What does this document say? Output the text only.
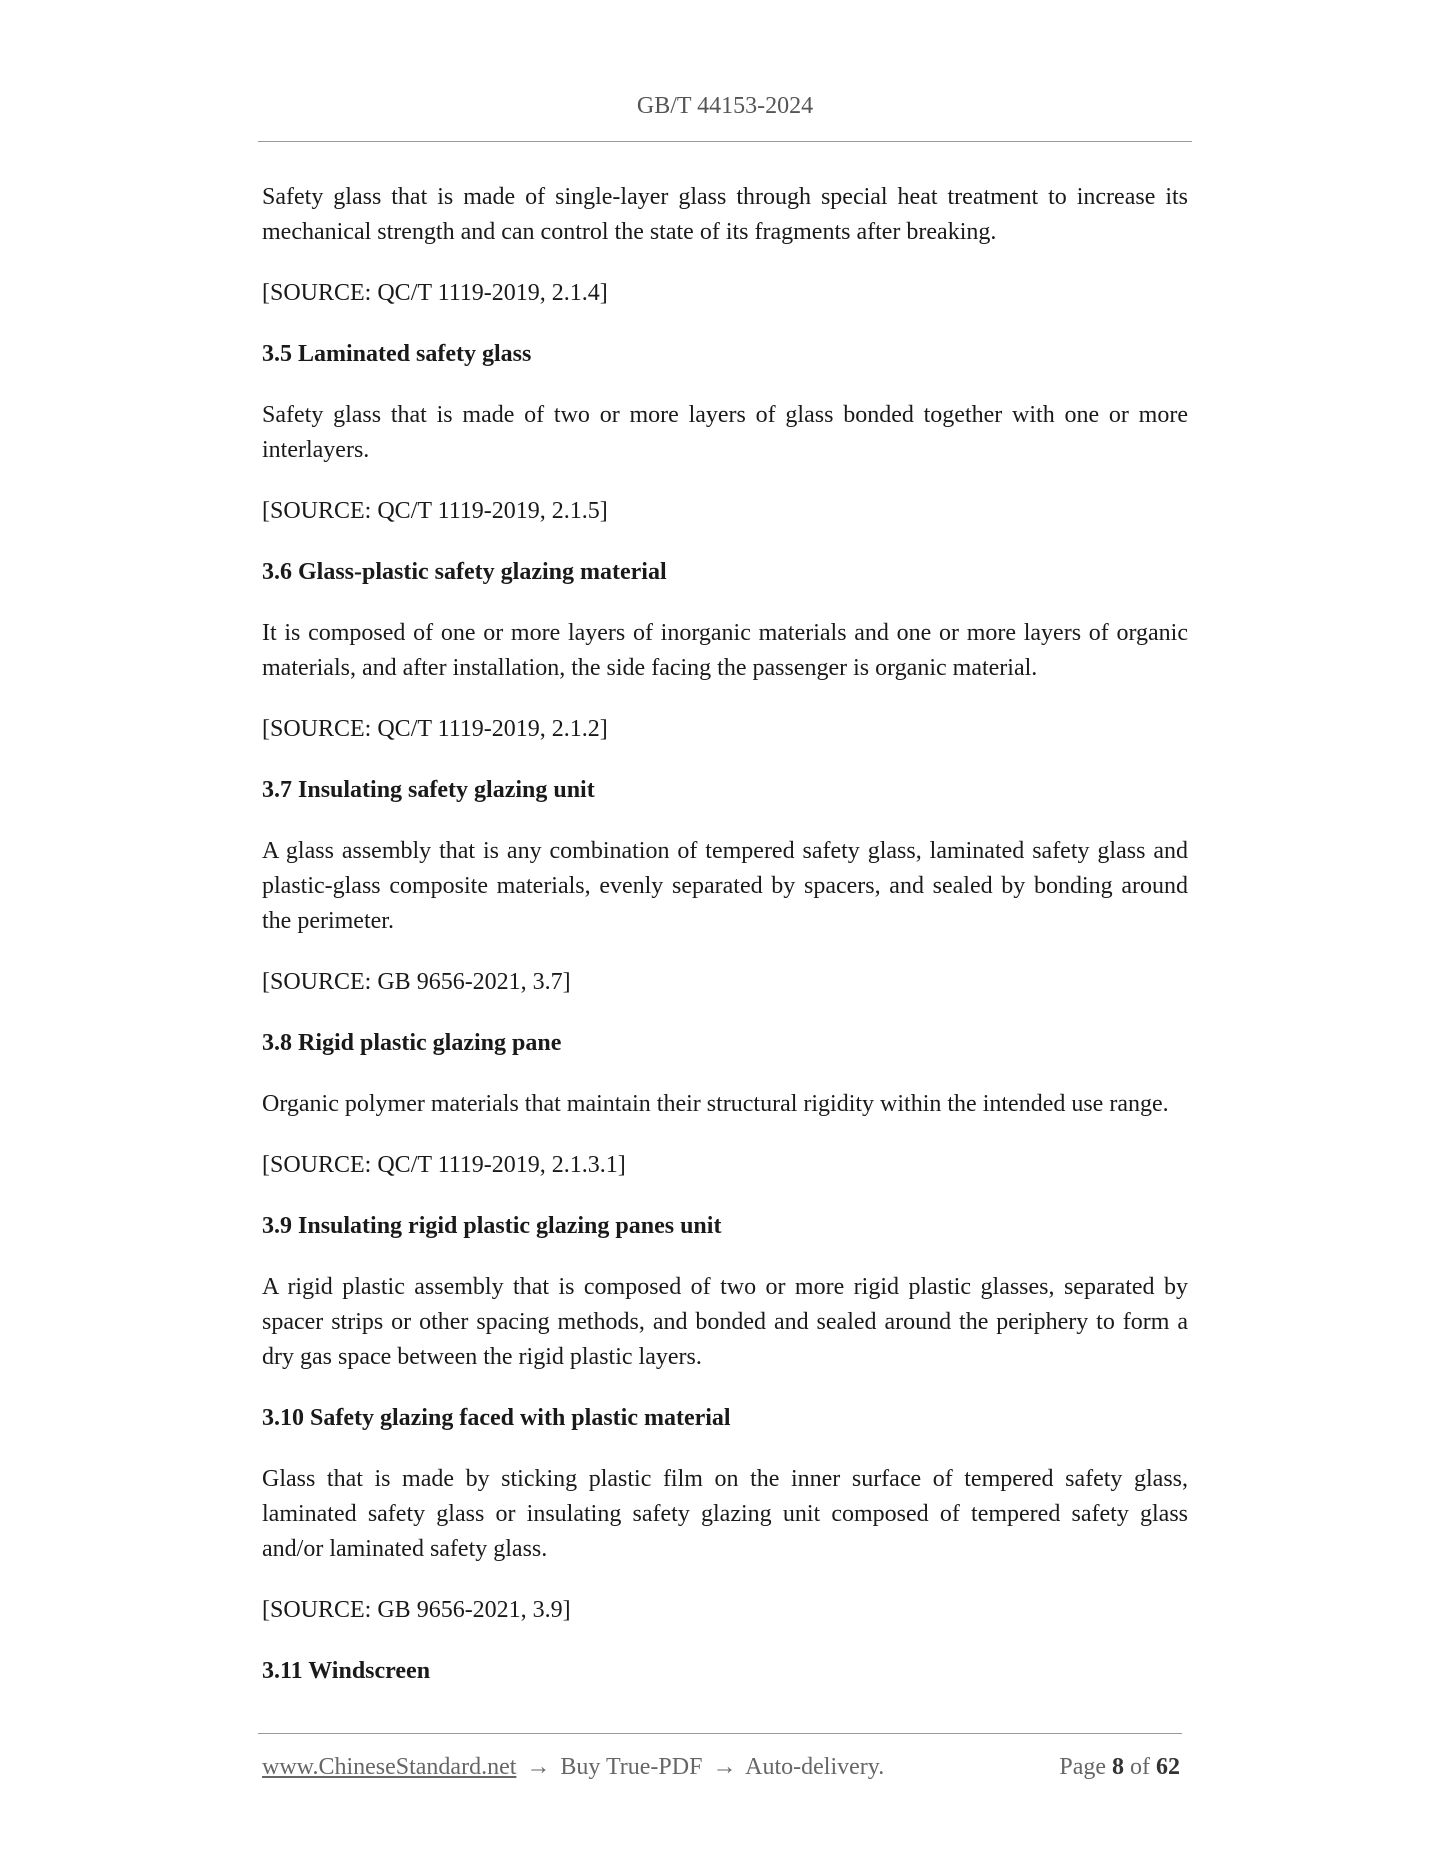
GB/T 44153-2024
Safety glass that is made of single-layer glass through special heat treatment to increase its mechanical strength and can control the state of its fragments after breaking.
[SOURCE: QC/T 1119-2019, 2.1.4]
3.5 Laminated safety glass
Safety glass that is made of two or more layers of glass bonded together with one or more interlayers.
[SOURCE: QC/T 1119-2019, 2.1.5]
3.6 Glass-plastic safety glazing material
It is composed of one or more layers of inorganic materials and one or more layers of organic materials, and after installation, the side facing the passenger is organic material.
[SOURCE: QC/T 1119-2019, 2.1.2]
3.7 Insulating safety glazing unit
A glass assembly that is any combination of tempered safety glass, laminated safety glass and plastic-glass composite materials, evenly separated by spacers, and sealed by bonding around the perimeter.
[SOURCE: GB 9656-2021, 3.7]
3.8 Rigid plastic glazing pane
Organic polymer materials that maintain their structural rigidity within the intended use range.
[SOURCE: QC/T 1119-2019, 2.1.3.1]
3.9 Insulating rigid plastic glazing panes unit
A rigid plastic assembly that is composed of two or more rigid plastic glasses, separated by spacer strips or other spacing methods, and bonded and sealed around the periphery to form a dry gas space between the rigid plastic layers.
3.10 Safety glazing faced with plastic material
Glass that is made by sticking plastic film on the inner surface of tempered safety glass, laminated safety glass or insulating safety glazing unit composed of tempered safety glass and/or laminated safety glass.
[SOURCE: GB 9656-2021, 3.9]
3.11 Windscreen
www.ChineseStandard.net → Buy True-PDF → Auto-delivery.	Page 8 of 62
